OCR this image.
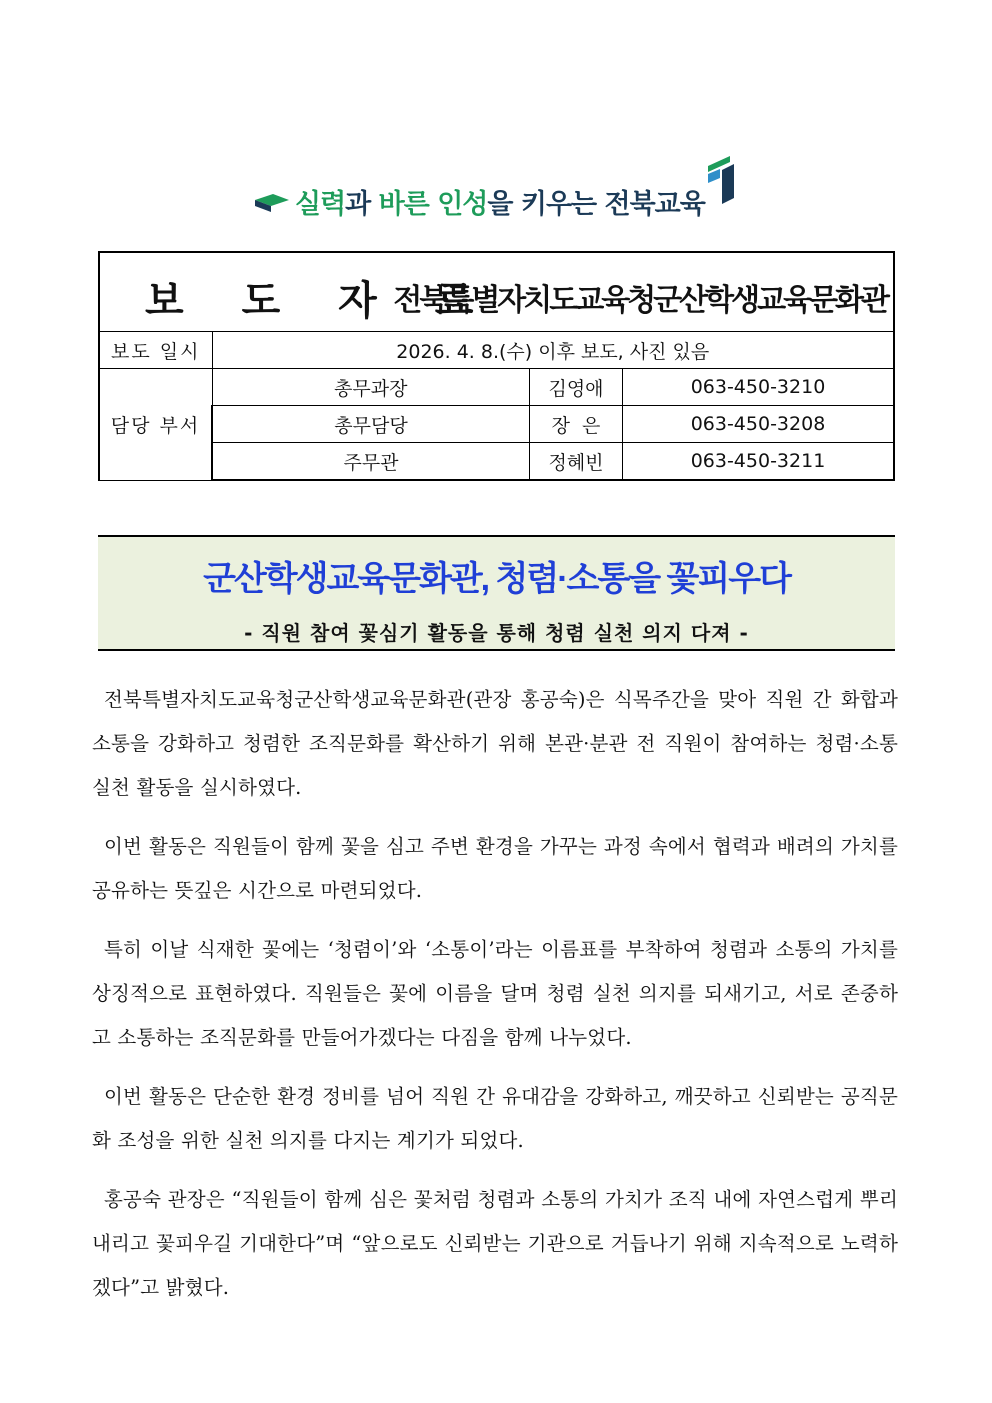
실력과 바른 인성을 키우는 전북교육
보 도 자 료
전북특별자치도교육청군산학생교육문화관			

보도 일시	2026. 4. 8.(수) 이후 보도, 사진 있음		
담당 부서	총무과장	김영애	063-450-3210
	총무담당	장  은	063-450-3208
	주무관	정혜빈	063-450-3211
군산학생교육문화관, 청렴·소통을 꽃피우다
- 직원 참여 꽃심기 활동을 통해 청렴 실천 의지 다져 -

전북특별자치도교육청군산학생교육문화관(관장 홍공숙)은 식목주간을 맞아 직원 간 화합과 소통을 강화하고 청렴한 조직문화를 확산하기 위해 본관·분관 전 직원이 참여하는 청렴·소통 실천 활동을 실시하였다.

이번 활동은 직원들이 함께 꽃을 심고 주변 환경을 가꾸는 과정 속에서 협력과 배려의 가치를 공유하는 뜻깊은 시간으로 마련되었다.

특히 이날 식재한 꽃에는 ‘청렴이’와 ‘소통이’라는 이름표를 부착하여 청렴과 소통의 가치를 상징적으로 표현하였다. 직원들은 꽃에 이름을 달며 청렴 실천 의지를 되새기고, 서로 존중하고 소통하는 조직문화를 만들어가겠다는 다짐을 함께 나누었다.

이번 활동은 단순한 환경 정비를 넘어 직원 간 유대감을 강화하고, 깨끗하고 신뢰받는 공직문화 조성을 위한 실천 의지를 다지는 계기가 되었다.

홍공숙 관장은 “직원들이 함께 심은 꽃처럼 청렴과 소통의 가치가 조직 내에 자연스럽게 뿌리내리고 꽃피우길 기대한다”며 “앞으로도 신뢰받는 기관으로 거듭나기 위해 지속적으로 노력하겠다”고 밝혔다.
